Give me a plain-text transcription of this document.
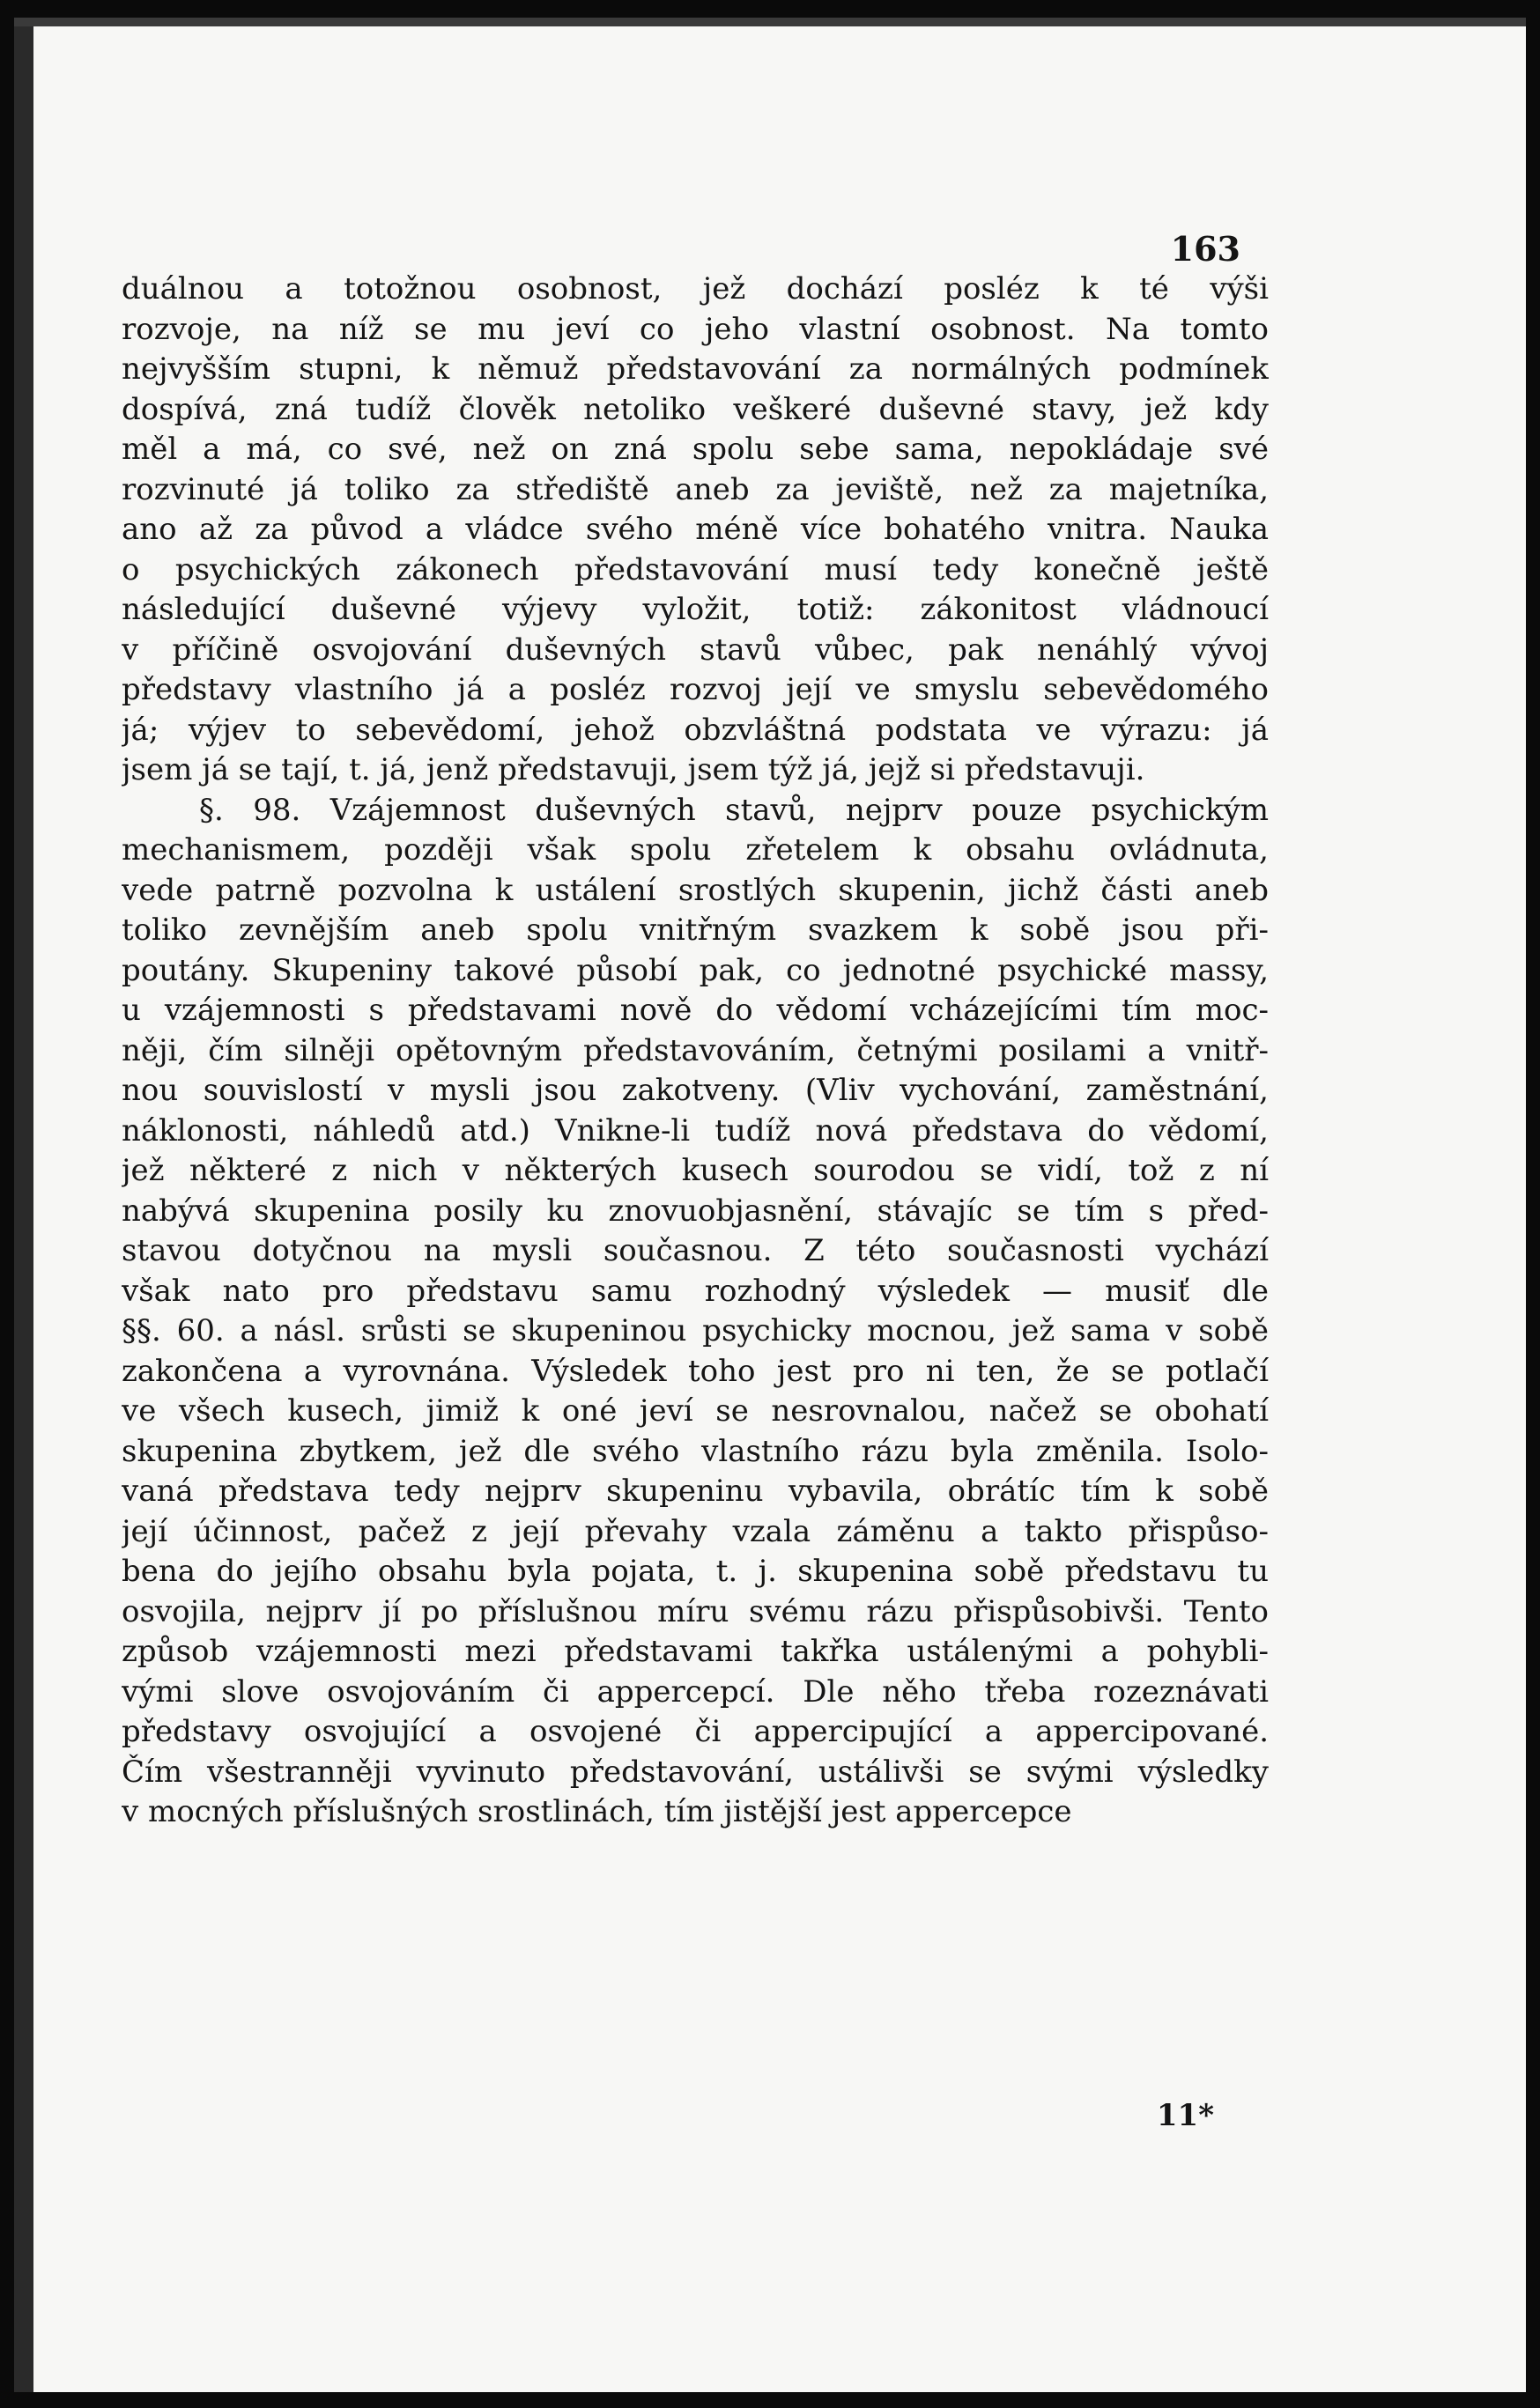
163
duálnou a totožnou osobnost, jež dochází posléz k té výši
rozvoje, na níž se mu jeví co jeho vlastní osobnost. Na tomto
nejvyšším stupni, k němuž představování za normálných podmínek
dospívá, zná tudíž člověk netoliko veškeré duševné stavy, jež kdy
měl a má, co své, než on zná spolu sebe sama, nepokládaje své
rozvinuté já toliko za střediště aneb za jeviště, než za majetníka,
ano až za původ a vládce svého méně více bohatého vnitra. Nauka
o psychických zákonech představování musí tedy konečně ještě
následující duševné výjevy vyložit, totiž: zákonitost vládnoucí
v příčině osvojování duševných stavů vůbec, pak nenáhlý vývoj
představy vlastního já a posléz rozvoj její ve smyslu sebevědomého
já; výjev to sebevědomí, jehož obzvláštná podstata ve výrazu: já
jsem já se tají, t. já, jenž představuji, jsem týž já, jejž si představuji.
§. 98. Vzájemnost duševných stavů, nejprv pouze psychickým
mechanismem, později však spolu zřetelem k obsahu ovládnuta,
vede patrně pozvolna k ustálení srostlých skupenin, jichž části aneb
toliko zevnějším aneb spolu vnitřným svazkem k sobě jsou při-
poutány. Skupeniny takové působí pak, co jednotné psychické massy,
u vzájemnosti s představami nově do vědomí vcházejícími tím moc-
něji, čím silněji opětovným představováním, četnými posilami a vnitř-
nou souvislostí v mysli jsou zakotveny. (Vliv vychování, zaměstnání,
náklonosti, náhledů atd.) Vnikne-li tudíž nová představa do vědomí,
jež některé z nich v některých kusech sourodou se vidí, tož z ní
nabývá skupenina posily ku znovuobjasnění, stávajíc se tím s před-
stavou dotyčnou na mysli současnou. Z této současnosti vychází
však nato pro představu samu rozhodný výsledek — musiť dle
§§. 60. a násl. srůsti se skupeninou psychicky mocnou, jež sama v sobě
zakončena a vyrovnána. Výsledek toho jest pro ni ten, že se potlačí
ve všech kusech, jimiž k oné jeví se nesrovnalou, načež se obohatí
skupenina zbytkem, jež dle svého vlastního rázu byla změnila. Isolo-
vaná představa tedy nejprv skupeninu vybavila, obrátíc tím k sobě
její účinnost, pačež z její převahy vzala záměnu a takto přispůso-
bena do jejího obsahu byla pojata, t. j. skupenina sobě představu tu
osvojila, nejprv jí po příslušnou míru svému rázu přispůsobivši. Tento
způsob vzájemnosti mezi představami takřka ustálenými a pohybli-
vými slove osvojováním či appercepcí. Dle něho třeba rozeznávati
představy osvojující a osvojené či appercipující a appercipované.
Čím všestranněji vyvinuto představování, ustálivši se svými výsledky
v mocných příslušných srostlinách, tím jistější jest appercepce
11*
